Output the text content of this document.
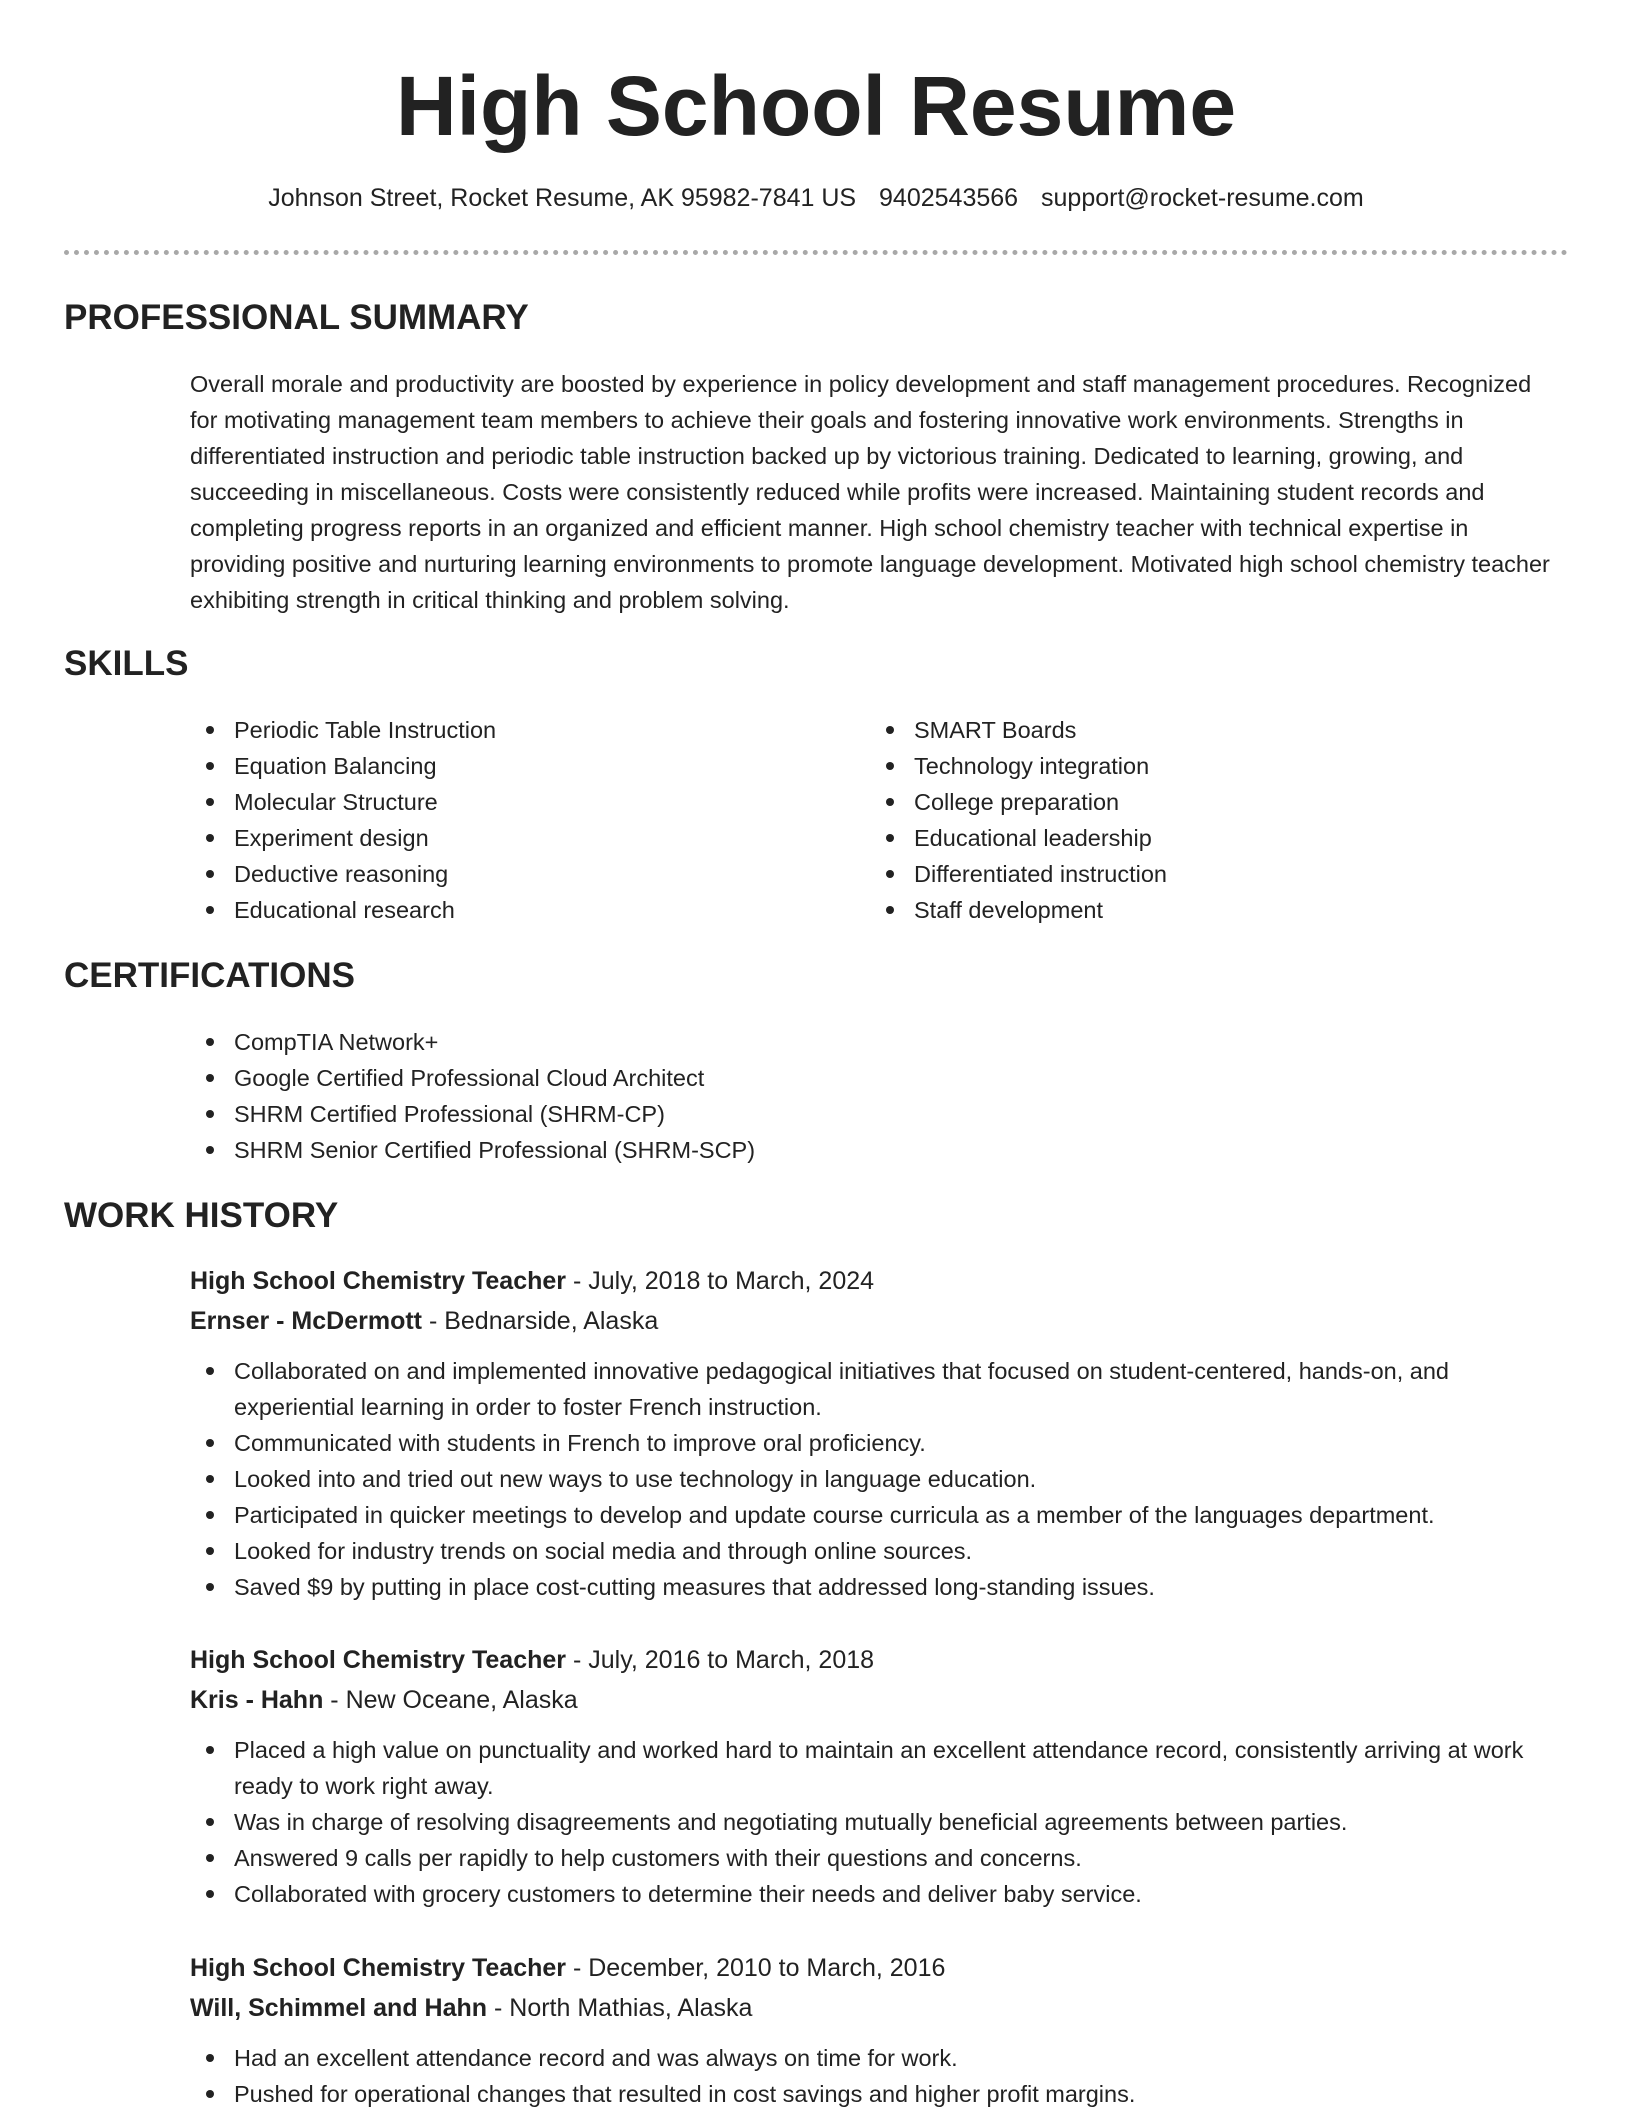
High School Resume
Johnson Street, Rocket Resume, AK 95982-7841 US 9402543566 support@rocket-resume.com
PROFESSIONAL SUMMARY

Overall morale and productivity are boosted by experience in policy development and staff management procedures. Recognized for motivating management team members to achieve their goals and fostering innovative work environments. Strengths in differentiated instruction and periodic table instruction backed up by victorious training. Dedicated to learning, growing, and succeeding in miscellaneous. Costs were consistently reduced while profits were increased. Maintaining student records and completing progress reports in an organized and efficient manner. High school chemistry teacher with technical expertise in providing positive and nurturing learning environments to promote language development. Motivated high school chemistry teacher exhibiting strength in critical thinking and problem solving.

SKILLS
Periodic Table Instruction
Equation Balancing
Molecular Structure
Experiment design
Deductive reasoning
Educational research
SMART Boards
Technology integration
College preparation
Educational leadership
Differentiated instruction
Staff development
CERTIFICATIONS
CompTIA Network+
Google Certified Professional Cloud Architect
SHRM Certified Professional (SHRM-CP)
SHRM Senior Certified Professional (SHRM-SCP)
WORK HISTORY
High School Chemistry Teacher - July, 2018 to March, 2024
Ernser - McDermott - Bednarside, Alaska
Collaborated on and implemented innovative pedagogical initiatives that focused on student-centered, hands-on, and experiential learning in order to foster French instruction.
Communicated with students in French to improve oral proficiency.
Looked into and tried out new ways to use technology in language education.
Participated in quicker meetings to develop and update course curricula as a member of the languages department.
Looked for industry trends on social media and through online sources.
Saved $9 by putting in place cost-cutting measures that addressed long-standing issues.
High School Chemistry Teacher - July, 2016 to March, 2018
Kris - Hahn - New Oceane, Alaska
Placed a high value on punctuality and worked hard to maintain an excellent attendance record, consistently arriving at work ready to work right away.
Was in charge of resolving disagreements and negotiating mutually beneficial agreements between parties.
Answered 9 calls per rapidly to help customers with their questions and concerns.
Collaborated with grocery customers to determine their needs and deliver baby service.
High School Chemistry Teacher - December, 2010 to March, 2016
Will, Schimmel and Hahn - North Mathias, Alaska
Had an excellent attendance record and was always on time for work.
Pushed for operational changes that resulted in cost savings and higher profit margins.
